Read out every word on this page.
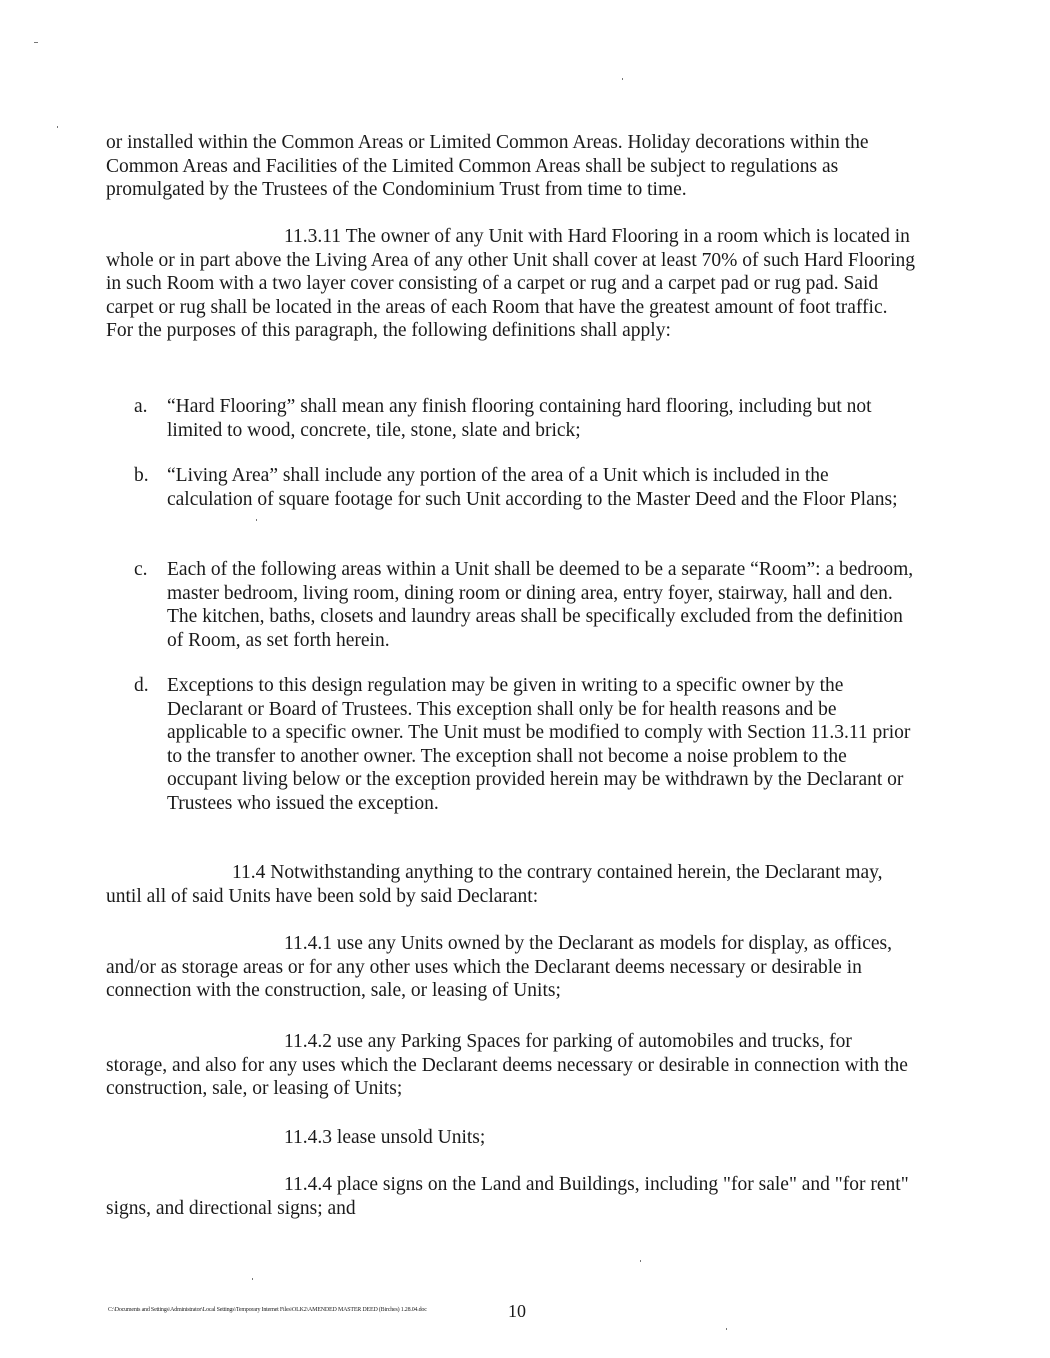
or installed within the Common Areas or Limited Common Areas. Holiday decorations within the Common Areas and Facilities of the Limited Common Areas shall be subject to regulations as promulgated by the Trustees of the Condominium Trust from time to time.

11.3.11 The owner of any Unit with Hard Flooring in a room which is located in whole or in part above the Living Area of any other Unit shall cover at least 70% of such Hard Flooring in such Room with a two layer cover consisting of a carpet or rug and a carpet pad or rug pad. Said carpet or rug shall be located in the areas of each Room that have the greatest amount of foot traffic. For the purposes of this paragraph, the following definitions shall apply:

a. “Hard Flooring” shall mean any finish flooring containing hard flooring, including but not limited to wood, concrete, tile, stone, slate and brick;
b. “Living Area” shall include any portion of the area of a Unit which is included in the calculation of square footage for such Unit according to the Master Deed and the Floor Plans;
c. Each of the following areas within a Unit shall be deemed to be a separate “Room”: a bedroom, master bedroom, living room, dining room or dining area, entry foyer, stairway, hall and den. The kitchen, baths, closets and laundry areas shall be specifically excluded from the definition of Room, as set forth herein.
d. Exceptions to this design regulation may be given in writing to a specific owner by the Declarant or Board of Trustees. This exception shall only be for health reasons and be applicable to a specific owner. The Unit must be modified to comply with Section 11.3.11 prior to the transfer to another owner. The exception shall not become a noise problem to the occupant living below or the exception provided herein may be withdrawn by the Declarant or Trustees who issued the exception.

11.4 Notwithstanding anything to the contrary contained herein, the Declarant may, until all of said Units have been sold by said Declarant:

11.4.1 use any Units owned by the Declarant as models for display, as offices, and/or as storage areas or for any other uses which the Declarant deems necessary or desirable in connection with the construction, sale, or leasing of Units;

11.4.2 use any Parking Spaces for parking of automobiles and trucks, for storage, and also for any uses which the Declarant deems necessary or desirable in connection with the construction, sale, or leasing of Units;

11.4.3 lease unsold Units;

11.4.4 place signs on the Land and Buildings, including "for sale" and "for rent" signs, and directional signs; and

C:\Documents and Settings\Administrator\Local Settings\Temporary Internet Files\OLK2\AMENDED MASTER DEED (Birches) 1.28.04.doc	10
